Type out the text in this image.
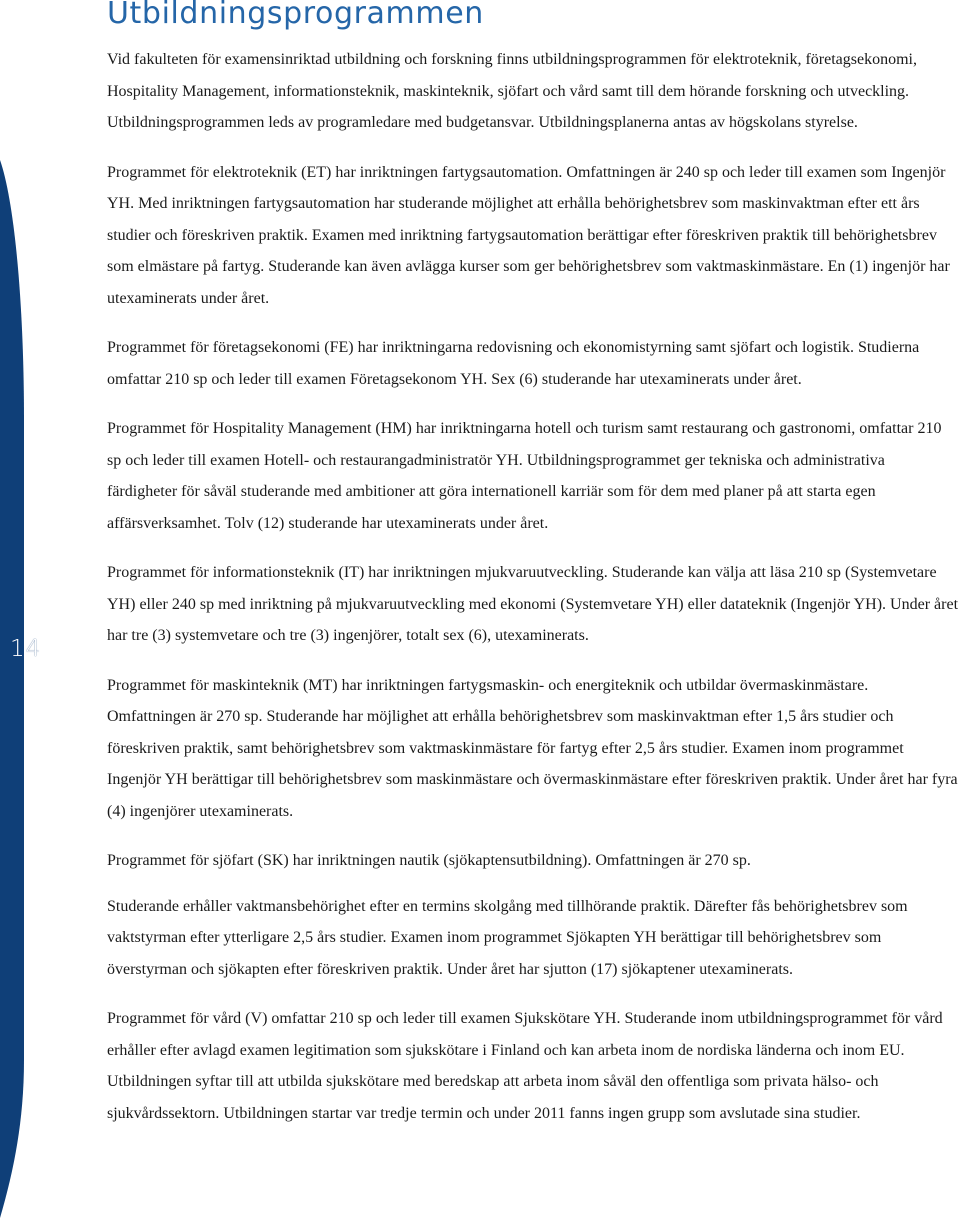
14
Utbildningsprogrammen

Vid fakulteten för examensinriktad utbildning och forskning finns utbildningsprogrammen för elektroteknik, företagsekonomi, Hospitality Management, informationsteknik, maskinteknik, sjöfart och vård samt till dem hörande forskning och utveckling. Utbildningsprogrammen leds av programledare med budgetansvar. Utbildningsplanerna antas av högskolans styrelse.

Programmet för elektroteknik (ET) har inriktningen fartygsautomation. Omfattningen är 240 sp och leder till examen som Ingenjör YH. Med inriktningen fartygsautomation har studerande möjlighet att erhålla behörighetsbrev som maskinvaktman efter ett års studier och föreskriven praktik. Examen med inriktning fartygsautomation berättigar efter föreskriven praktik till behörighetsbrev som elmästare på fartyg. Studerande kan även avlägga kurser som ger behörighetsbrev som vaktmaskinmästare. En (1) ingenjör har utexaminerats under året.

Programmet för företagsekonomi (FE) har inriktningarna redovisning och ekonomistyrning samt sjöfart och logistik. Studierna omfattar 210 sp och leder till examen Företagsekonom YH. Sex (6) studerande har utexaminerats under året.

Programmet för Hospitality Management (HM) har inriktningarna hotell och turism samt restaurang och gastronomi, omfattar 210 sp och leder till examen Hotell- och restaurangadministratör YH. Utbildningsprogrammet ger tekniska och administrativa färdigheter för såväl studerande med ambitioner att göra internationell karriär som för dem med planer på att starta egen affärsverksamhet. Tolv (12) studerande har utexaminerats under året.

Programmet för informationsteknik (IT) har inriktningen mjukvaruutveckling. Studerande kan välja att läsa 210 sp (Systemvetare YH) eller 240 sp med inriktning på mjukvaruutveckling med ekonomi (Systemvetare YH) eller datateknik (Ingenjör YH). Under året har tre (3) systemvetare och tre (3) ingenjörer, totalt sex (6), utexaminerats.

Programmet för maskinteknik (MT) har inriktningen fartygsmaskin- och energiteknik och utbildar övermaskinmästare. Omfattningen är 270 sp. Studerande har möjlighet att erhålla behörighetsbrev som maskinvaktman efter 1,5 års studier och föreskriven praktik, samt behörighetsbrev som vaktmaskinmästare för fartyg efter 2,5 års studier. Examen inom programmet Ingenjör YH berättigar till behörighetsbrev som maskinmästare och övermaskinmästare efter föreskriven praktik. Under året har fyra (4) ingenjörer utexaminerats.

Programmet för sjöfart (SK) har inriktningen nautik (sjökaptensutbildning). Omfattningen är 270 sp.

Studerande erhåller vaktmansbehörighet efter en termins skolgång med tillhörande praktik. Därefter fås behörighetsbrev som vaktstyrman efter ytterligare 2,5 års studier. Examen inom programmet Sjökapten YH berättigar till behörighetsbrev som överstyrman och sjökapten efter föreskriven praktik. Under året har sjutton (17) sjökaptener utexaminerats.

Programmet för vård (V) omfattar 210 sp och leder till examen Sjukskötare YH. Studerande inom utbildningsprogrammet för vård erhåller efter avlagd examen legitimation som sjukskötare i Finland och kan arbeta inom de nordiska länderna och inom EU. Utbildningen syftar till att utbilda sjukskötare med beredskap att arbeta inom såväl den offentliga som privata hälso- och sjukvårdssektorn. Utbildningen startar var tredje termin och under 2011 fanns ingen grupp som avslutade sina studier.
